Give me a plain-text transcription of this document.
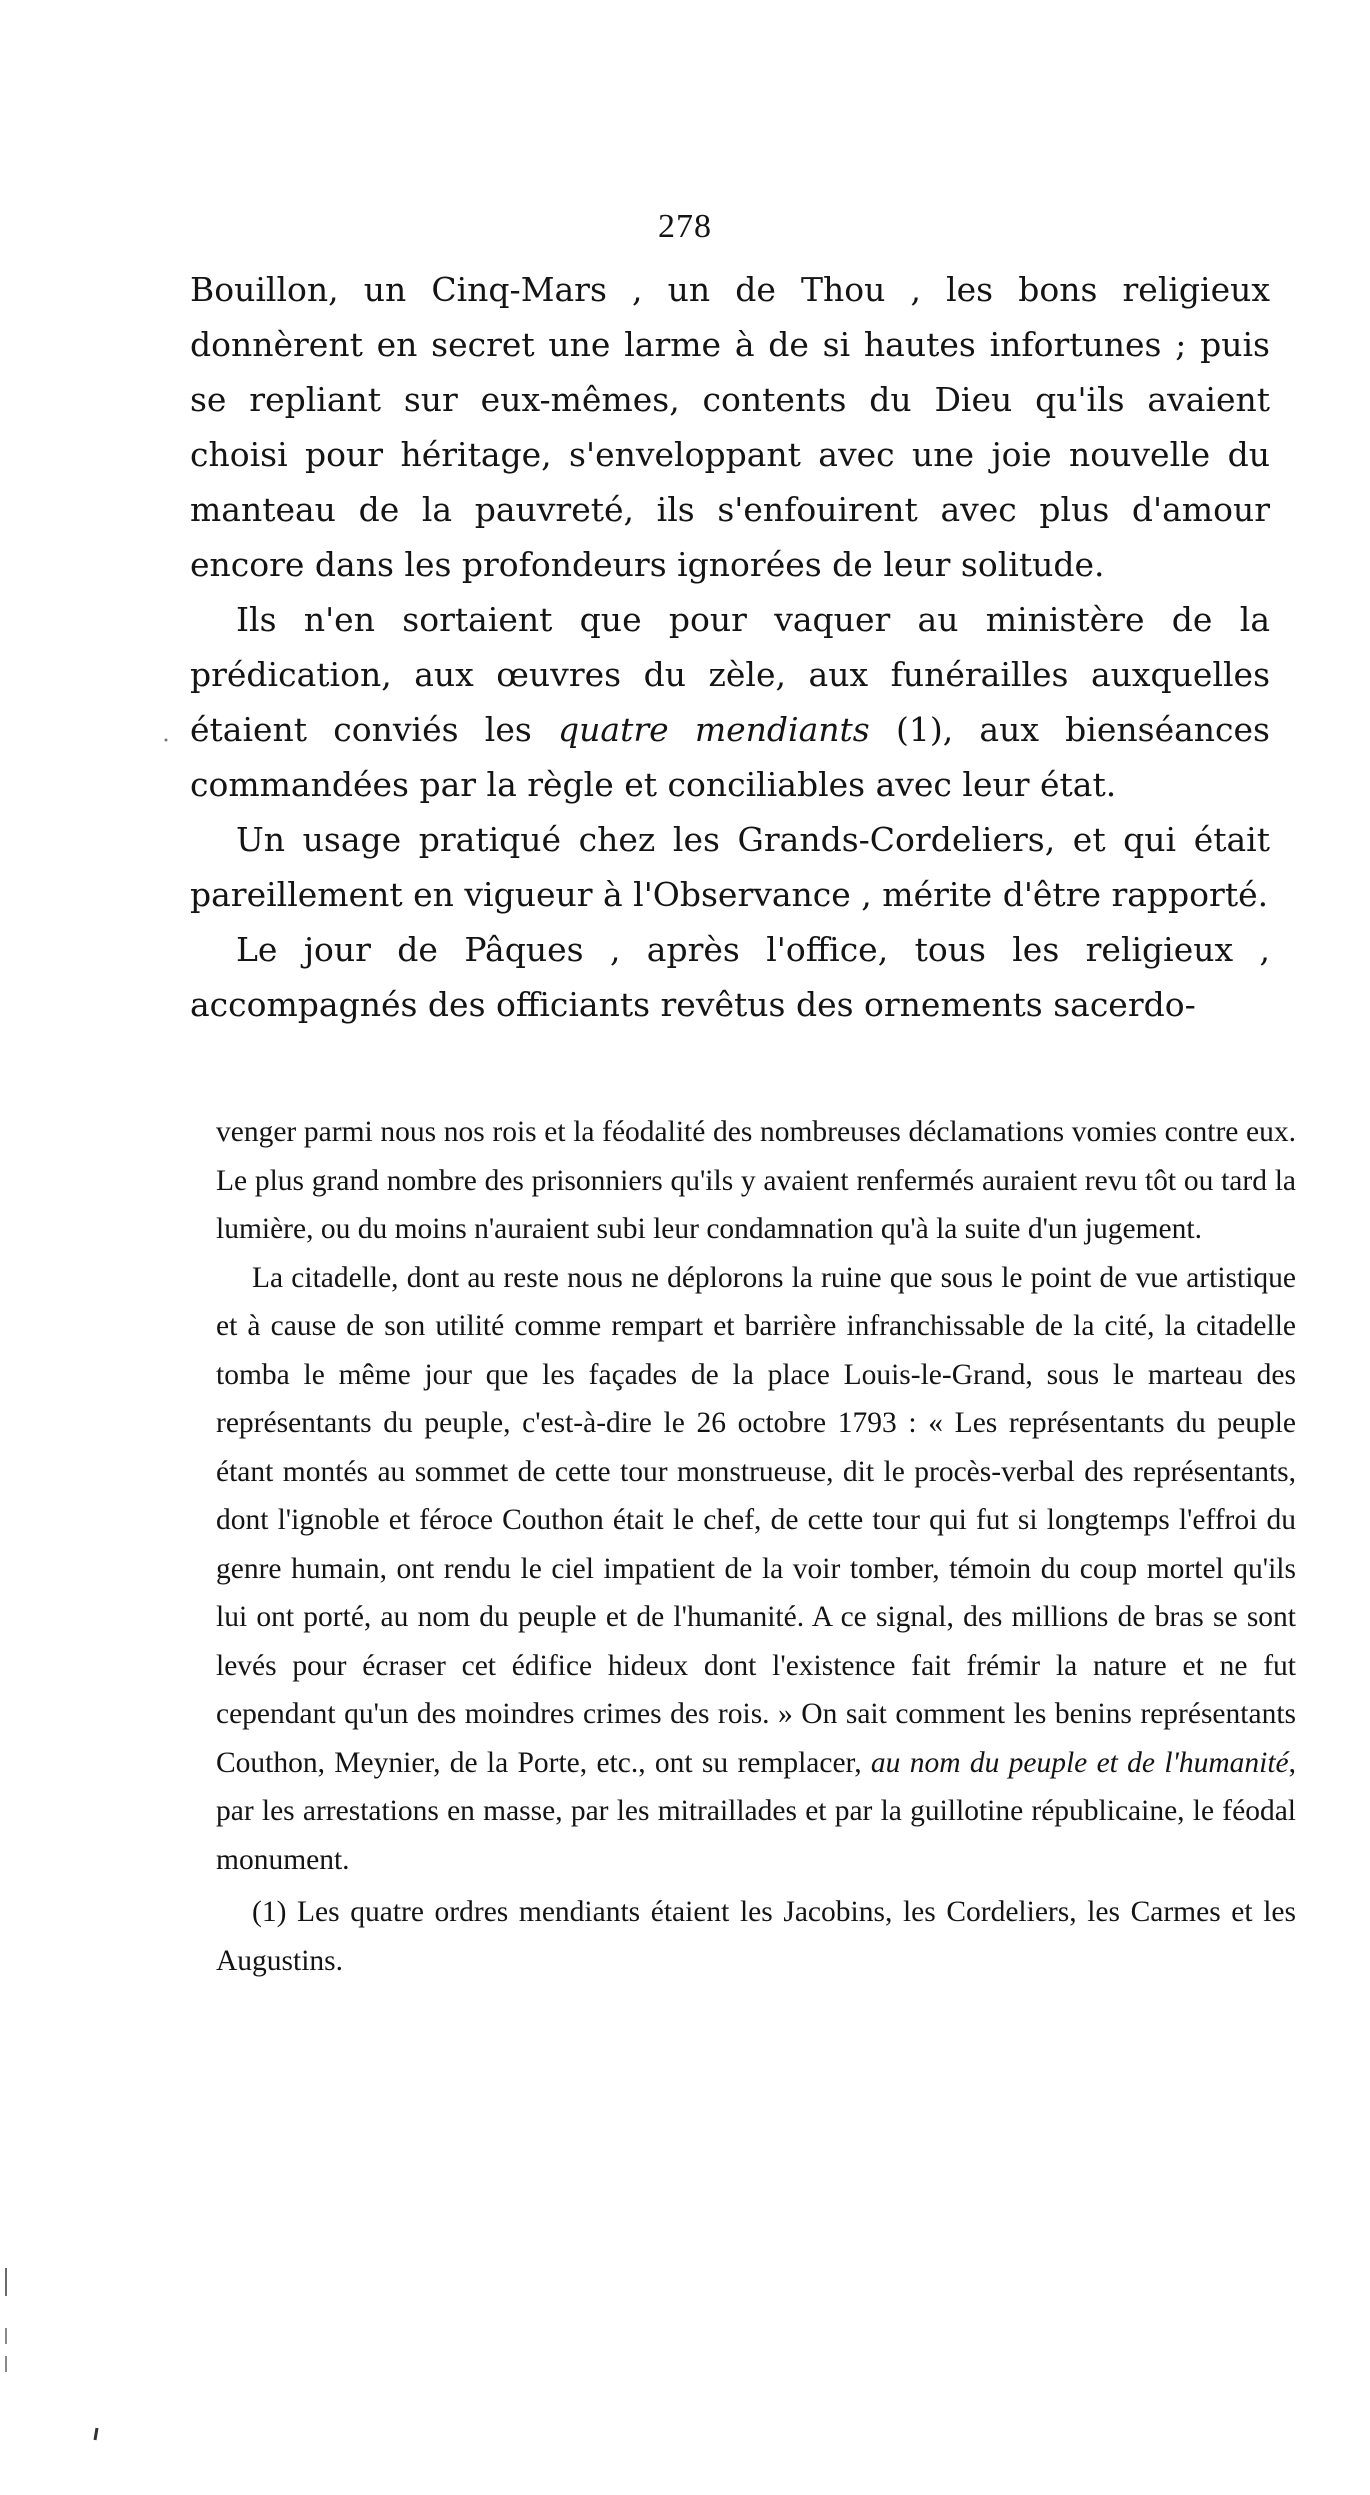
278

Bouillon, un Cinq-Mars , un de Thou , les bons religieux donnèrent en secret une larme à de si hautes infortunes ; puis se repliant sur eux-mêmes, contents du Dieu qu'ils avaient choisi pour héritage, s'enveloppant avec une joie nouvelle du manteau de la pauvreté, ils s'enfouirent avec plus d'amour encore dans les profondeurs ignorées de leur solitude.

Ils n'en sortaient que pour vaquer au ministère de la prédication, aux œuvres du zèle, aux funérailles auxquelles étaient conviés les quatre mendiants (1), aux bienséances commandées par la règle et conciliables avec leur état.

Un usage pratiqué chez les Grands-Cordeliers, et qui était pareillement en vigueur à l'Observance , mérite d'être rapporté.

Le jour de Pâques , après l'office, tous les religieux , accompagnés des officiants revêtus des ornements sacerdo-

venger parmi nous nos rois et la féodalité des nombreuses déclamations vomies contre eux. Le plus grand nombre des prisonniers qu'ils y avaient renfermés auraient revu tôt ou tard la lumière, ou du moins n'auraient subi leur condamnation qu'à la suite d'un jugement.

La citadelle, dont au reste nous ne déplorons la ruine que sous le point de vue artistique et à cause de son utilité comme rempart et barrière infranchissable de la cité, la citadelle tomba le même jour que les façades de la place Louis-le-Grand, sous le marteau des représentants du peuple, c'est-à-dire le 26 octobre 1793 : « Les représentants du peuple étant montés au sommet de cette tour monstrueuse, dit le procès-verbal des représentants, dont l'ignoble et féroce Couthon était le chef, de cette tour qui fut si longtemps l'effroi du genre humain, ont rendu le ciel impatient de la voir tomber, témoin du coup mortel qu'ils lui ont porté, au nom du peuple et de l'humanité. A ce signal, des millions de bras se sont levés pour écraser cet édifice hideux dont l'existence fait frémir la nature et ne fut cependant qu'un des moindres crimes des rois. » On sait comment les benins représentants Couthon, Meynier, de la Porte, etc., ont su remplacer, au nom du peuple et de l'humanité, par les arrestations en masse, par les mitraillades et par la guillotine républicaine, le féodal monument.

(1) Les quatre ordres mendiants étaient les Jacobins, les Cordeliers, les Carmes et les Augustins.
